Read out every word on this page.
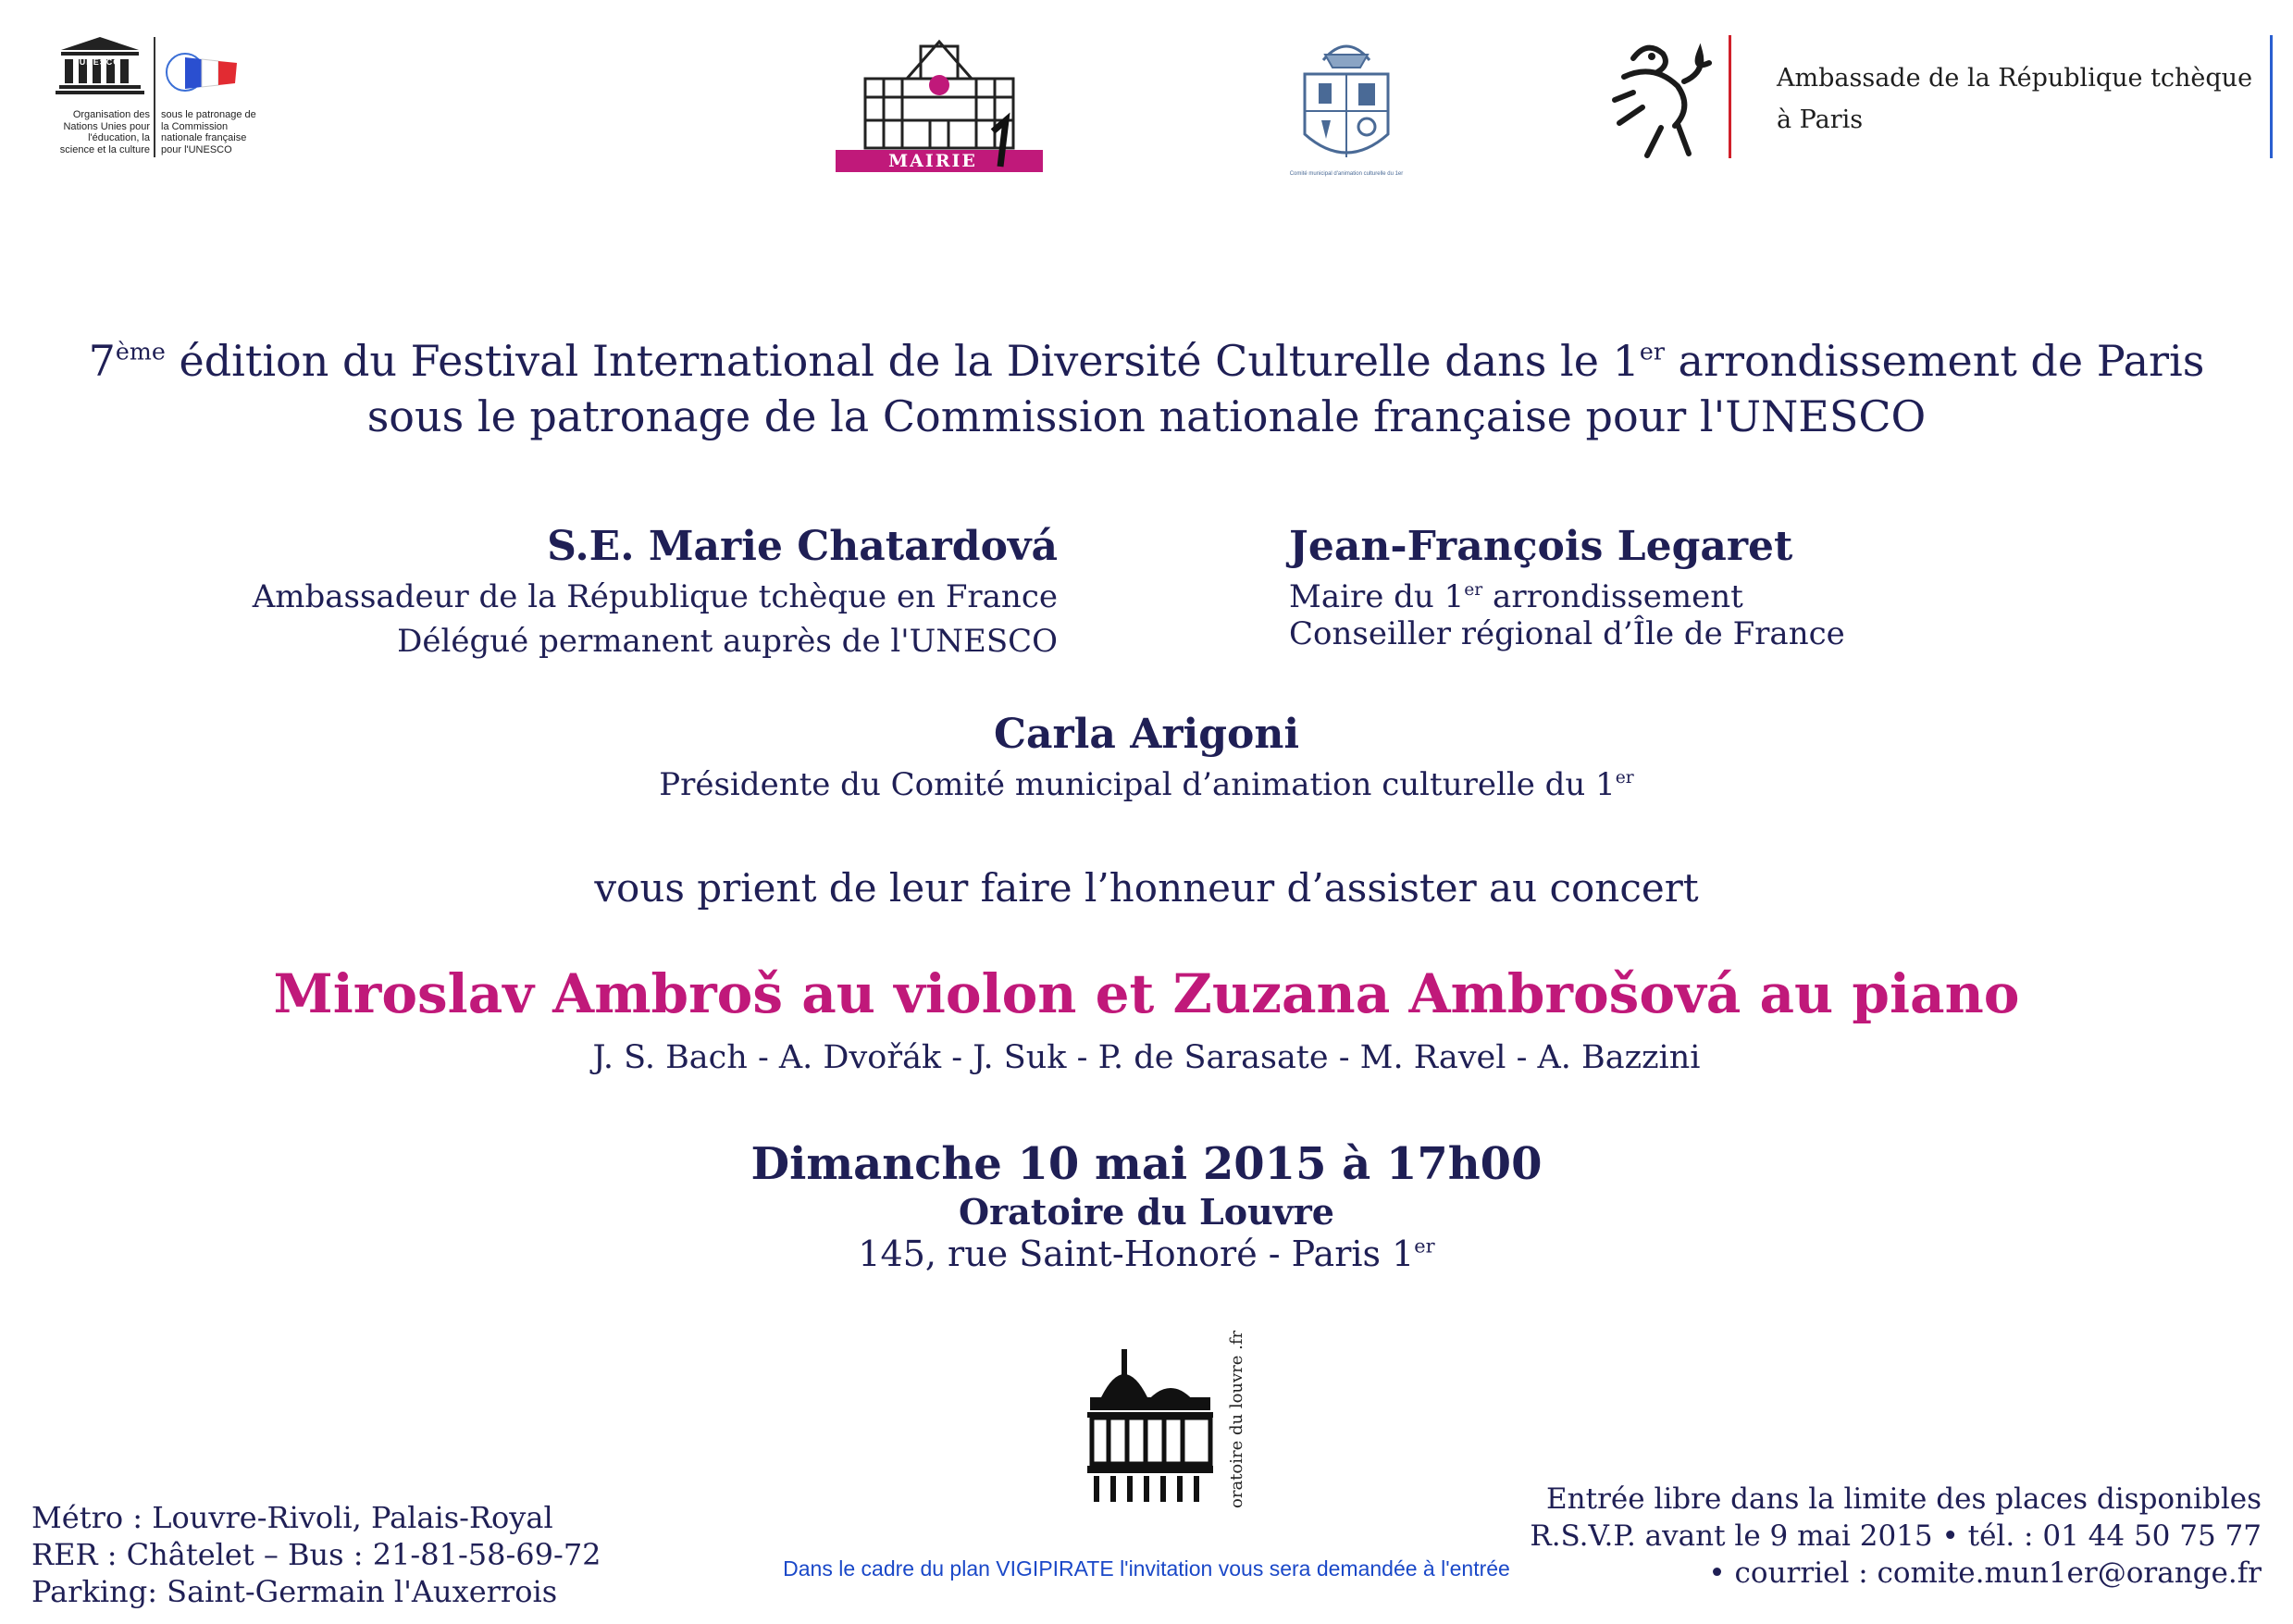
UNESCO
Organisation des Nations Unies pour l'éducation, la science et la culture
sous le patronage de la Commission nationale française pour l'UNESCO
MAIRIE
Comité municipal d'animation culturelle du 1er
Ambassade de la République tchèque
à Paris
7ème édition du Festival International de la Diversité Culturelle dans le 1er arrondissement de Paris
sous le patronage de la Commission nationale française pour l'UNESCO
S.E. Marie Chatardová
Ambassadeur de la République tchèque en France
Délégué permanent auprès de l'UNESCO
Jean-François Legaret
Maire du 1er arrondissement
Conseiller régional d’Île de France
Carla Arigoni
Présidente du Comité municipal d’animation culturelle du 1er
vous prient de leur faire l’honneur d’assister au concert
Miroslav Ambroš au violon et Zuzana Ambrošová au piano
J. S. Bach - A. Dvořák - J. Suk - P. de Sarasate - M. Ravel - A. Bazzini
Dimanche 10 mai 2015 à 17h00
Oratoire du Louvre
145, rue Saint-Honoré - Paris 1er
oratoire du louvre .fr
Métro : Louvre-Rivoli, Palais-Royal
RER : Châtelet – Bus : 21-81-58-69-72
Parking: Saint-Germain l'Auxerrois
Entrée libre dans la limite des places disponibles
R.S.V.P. avant le 9 mai 2015 • tél. : 01 44 50 75 77
• courriel : comite.mun1er@orange.fr
Dans le cadre du plan VIGIPIRATE l'invitation vous sera demandée à l'entrée
